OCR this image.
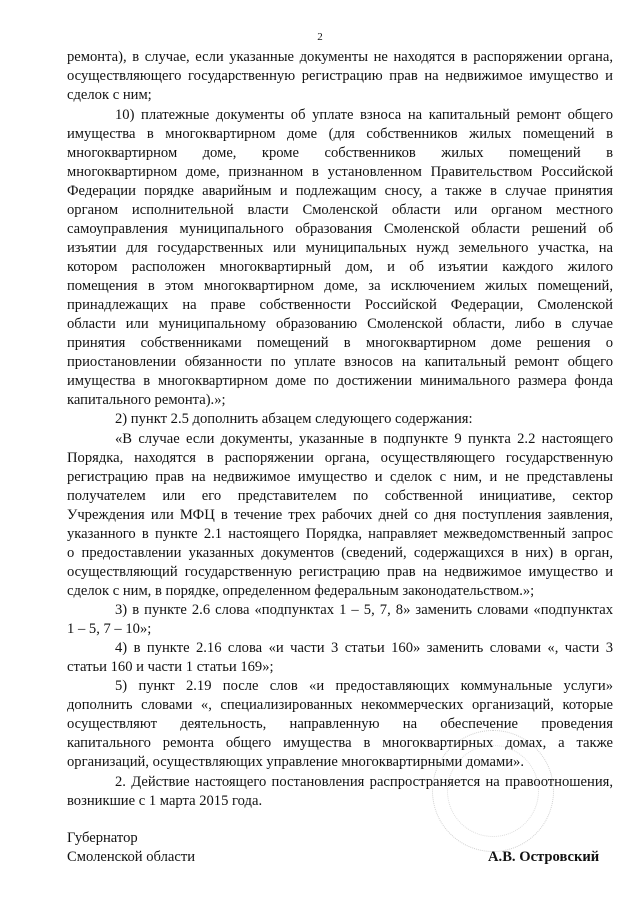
2
ремонта), в случае, если указанные документы не находятся в распоряжении органа,
осуществляющего государственную регистрацию прав на недвижимое имущество и
сделок с ним;
10) платежные документы об уплате взноса на капитальный ремонт общего
имущества в многоквартирном доме (для собственников жилых помещений в
многоквартирном доме, кроме собственников жилых помещений в
многоквартирном доме, признанном в установленном Правительством Российской
Федерации порядке аварийным и подлежащим сносу, а также в случае принятия
органом исполнительной власти Смоленской области или органом местного
самоуправления муниципального образования Смоленской области решений об
изъятии для государственных или муниципальных нужд земельного участка, на
котором расположен многоквартирный дом, и об изъятии каждого жилого
помещения в этом многоквартирном доме, за исключением жилых помещений,
принадлежащих на праве собственности Российской Федерации, Смоленской
области или муниципальному образованию Смоленской области, либо в случае
принятия собственниками помещений в многоквартирном доме решения о
приостановлении обязанности по уплате взносов на капитальный ремонт общего
имущества в многоквартирном доме по достижении минимального размера фонда
капитального ремонта).»;
2) пункт 2.5 дополнить абзацем следующего содержания:
«В случае если документы, указанные в подпункте 9 пункта 2.2 настоящего
Порядка, находятся в распоряжении органа, осуществляющего государственную
регистрацию прав на недвижимое имущество и сделок с ним, и не представлены
получателем или его представителем по собственной инициативе, сектор
Учреждения или МФЦ в течение трех рабочих дней со дня поступления заявления,
указанного в пункте 2.1 настоящего Порядка, направляет межведомственный запрос
о предоставлении указанных документов (сведений, содержащихся в них) в орган,
осуществляющий государственную регистрацию прав на недвижимое имущество и
сделок с ним, в порядке, определенном федеральным законодательством.»;
3) в пункте 2.6 слова «подпунктах 1 – 5, 7, 8» заменить словами «подпунктах
1 – 5, 7 – 10»;
4) в пункте 2.16 слова «и части 3 статьи 160» заменить словами «, части 3
статьи 160 и части 1 статьи 169»;
5) пункт 2.19 после слов «и предоставляющих коммунальные услуги»
дополнить словами «, специализированных некоммерческих организаций, которые
осуществляют деятельность, направленную на обеспечение проведения
капитального ремонта общего имущества в многоквартирных домах, а также
организаций, осуществляющих управление многоквартирными домами».
2. Действие настоящего постановления распространяется на правоотношения,
возникшие с 1 марта 2015 года.
Губернатор
Смоленской области	А.В. Островский
